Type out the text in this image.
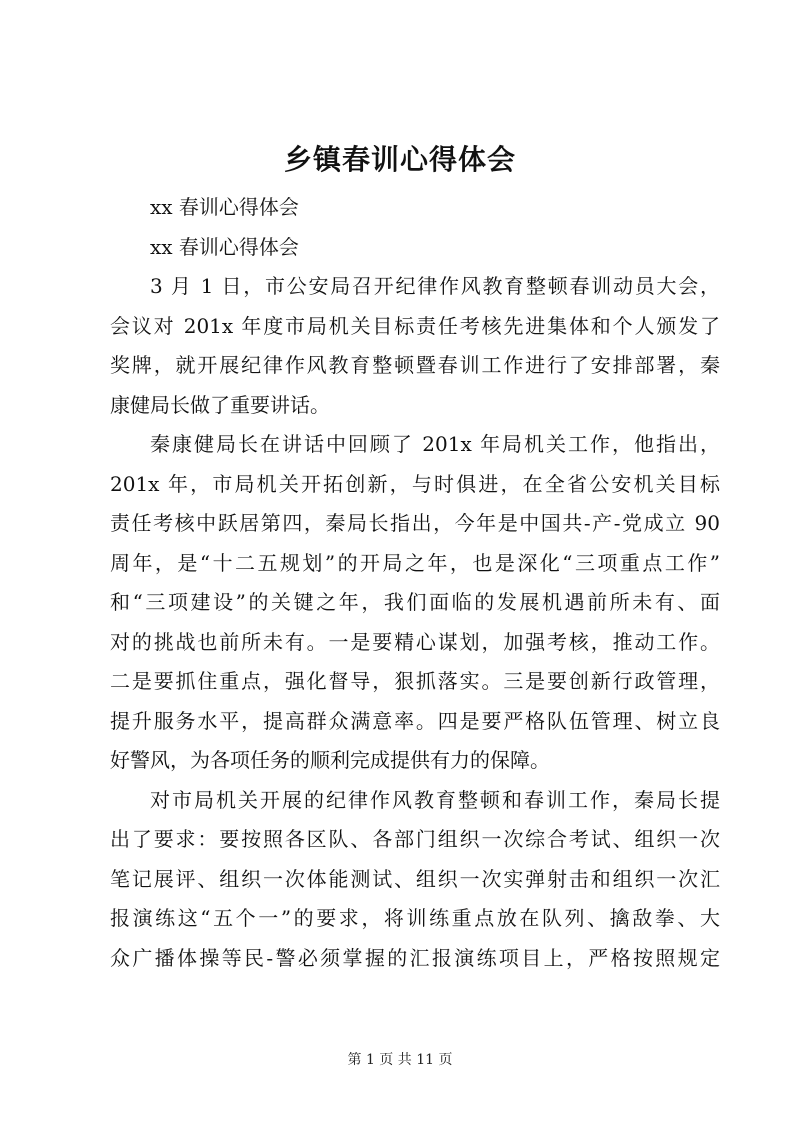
乡镇春训心得体会
xx 春训心得体会
xx 春训心得体会
3 月 1 日，市公安局召开纪律作风教育整顿春训动员大会，
会议对 201x 年度市局机关目标责任考核先进集体和个人颁发了
奖牌，就开展纪律作风教育整顿暨春训工作进行了安排部署，秦
康健局长做了重要讲话。
秦康健局长在讲话中回顾了 201x 年局机关工作，他指出，
201x 年，市局机关开拓创新，与时俱进，在全省公安机关目标
责任考核中跃居第四，秦局长指出，今年是中国共-产-党成立 90
周年，是“十二五规划”的开局之年，也是深化“三项重点工作”
和“三项建设”的关键之年，我们面临的发展机遇前所未有、面
对的挑战也前所未有。一是要精心谋划，加强考核，推动工作。
二是要抓住重点，强化督导，狠抓落实。三是要创新行政管理，
提升服务水平，提高群众满意率。四是要严格队伍管理、树立良
好警风，为各项任务的顺利完成提供有力的保障。
对市局机关开展的纪律作风教育整顿和春训工作，秦局长提
出了要求：要按照各区队、各部门组织一次综合考试、组织一次
笔记展评、组织一次体能测试、组织一次实弹射击和组织一次汇
报演练这“五个一”的要求，将训练重点放在队列、擒敌拳、大
众广播体操等民-警必须掌握的汇报演练项目上，严格按照规定
第 1 页 共 11 页
